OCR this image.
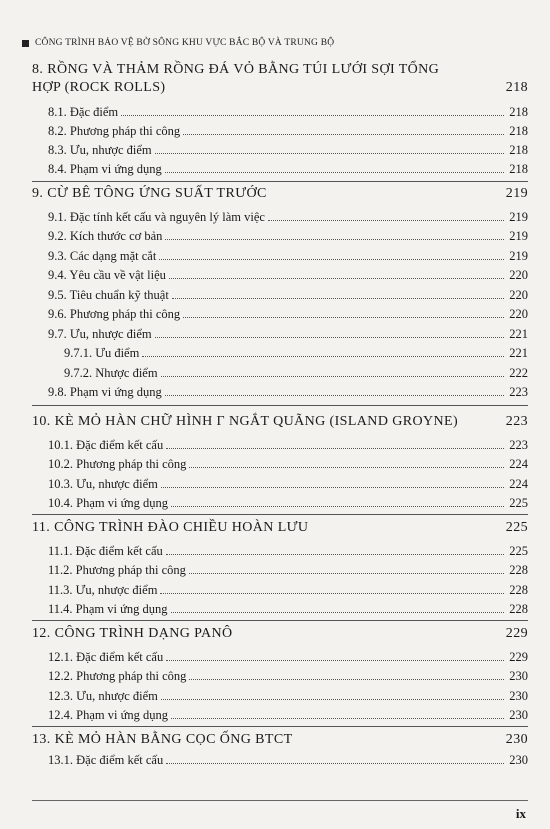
CÔNG TRÌNH BẢO VỆ BỜ SÔNG KHU VỰC BẮC BỘ VÀ TRUNG BỘ
8. RỒNG VÀ THẢM RỒNG ĐÁ VỎ BẰNG TÚI LƯỚI SỢI TỔNG
HỢP (ROCK ROLLS)	218
8.1. Đặc điểm	218
8.2. Phương pháp thi công	218
8.3. Ưu, nhược điểm	218
8.4. Phạm vi ứng dụng	218
9. CỪ BÊ TÔNG ỨNG SUẤT TRƯỚC	219
9.1. Đặc tính kết cấu và nguyên lý làm việc	219
9.2. Kích thước cơ bản	219
9.3. Các dạng mặt cắt	219
9.4. Yêu cầu về vật liệu	220
9.5. Tiêu chuẩn kỹ thuật	220
9.6. Phương pháp thi công	220
9.7. Ưu, nhược điểm	221
9.7.1. Ưu điểm	221
9.7.2. Nhược điểm	222
9.8. Phạm vi ứng dụng	223
10. KÈ MỎ HÀN CHỮ HÌNH Γ NGẮT QUÃNG (ISLAND GROYNE)	223
10.1. Đặc điểm kết cấu	223
10.2. Phương pháp thi công	224
10.3. Ưu, nhược điểm	224
10.4. Phạm vi ứng dụng	225
11. CÔNG TRÌNH ĐÀO CHIỀU HOÀN LƯU	225
11.1. Đặc điểm kết cấu	225
11.2. Phương pháp thi công	228
11.3. Ưu, nhược điểm	228
11.4. Phạm vi ứng dụng	228
12. CÔNG TRÌNH DẠNG PANÔ	229
12.1. Đặc điểm kết cấu	229
12.2. Phương pháp thi công	230
12.3. Ưu, nhược điểm	230
12.4. Phạm vi ứng dụng	230
13. KÈ MỎ HÀN BẰNG CỌC ỐNG BTCT	230
13.1. Đặc điểm kết cấu	230
ix
